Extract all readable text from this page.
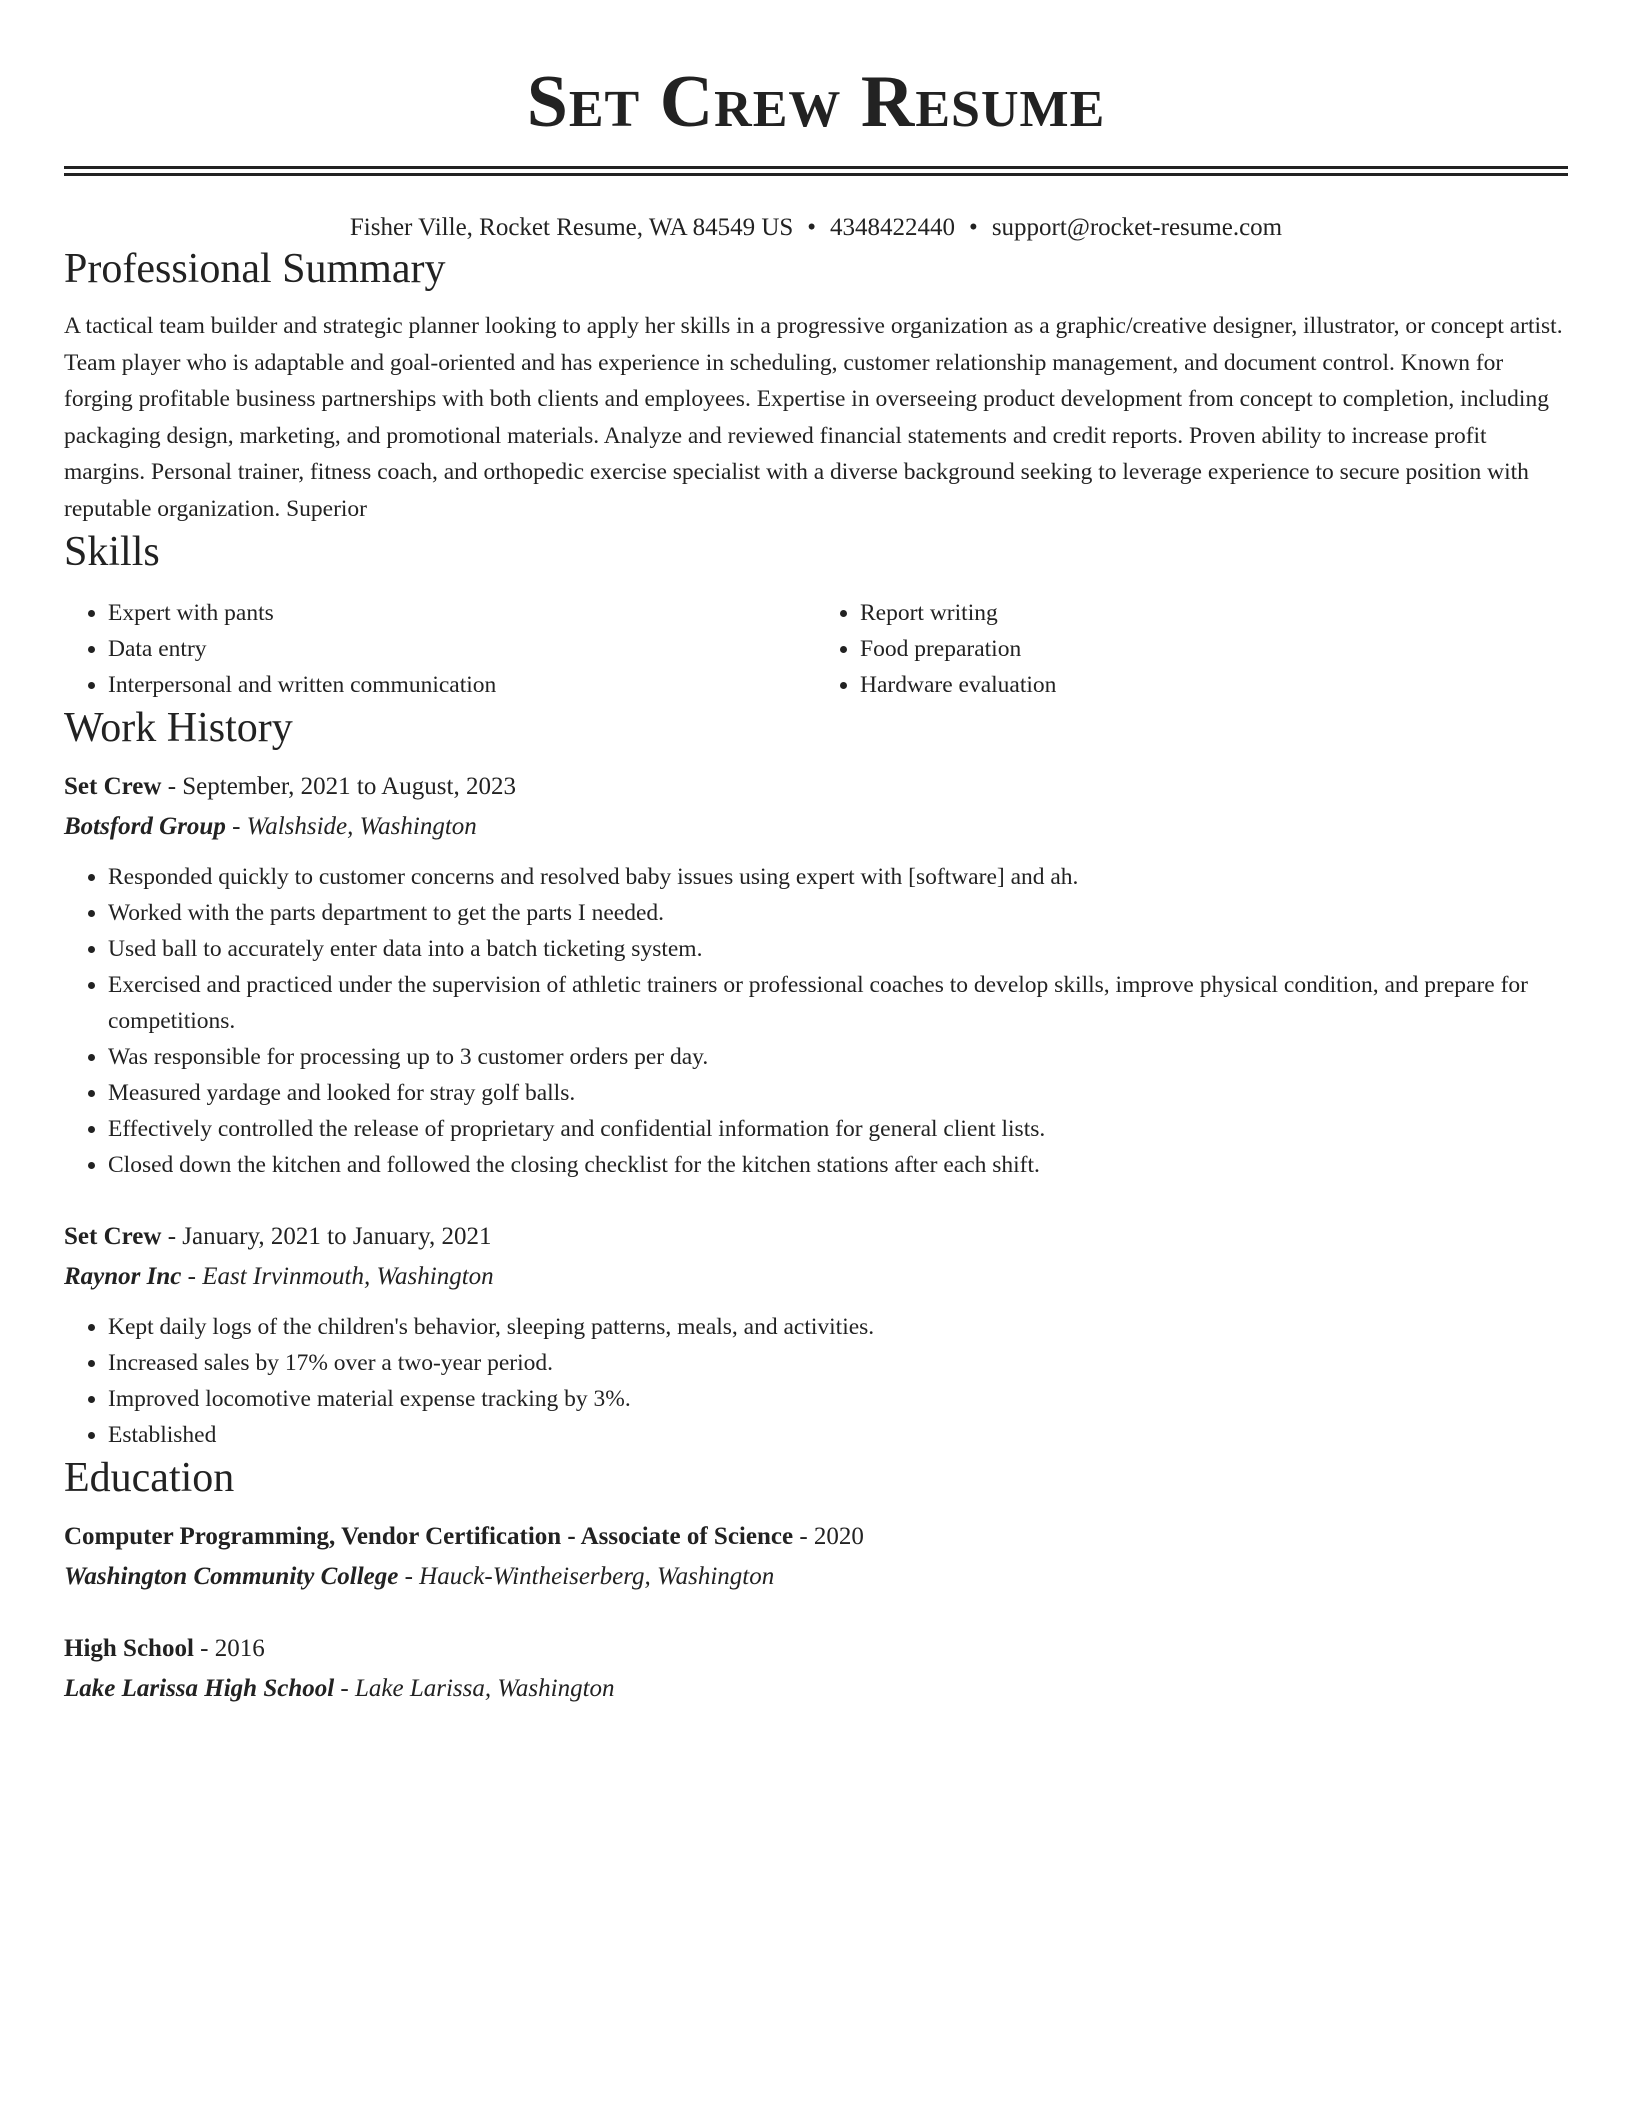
Set Crew Resume
Fisher Ville, Rocket Resume, WA 84549 US • 4348422440 • support@rocket-resume.com
Professional Summary
A tactical team builder and strategic planner looking to apply her skills in a progressive organization as a graphic/creative designer, illustrator, or concept artist. Team player who is adaptable and goal-oriented and has experience in scheduling, customer relationship management, and document control. Known for forging profitable business partnerships with both clients and employees. Expertise in overseeing product development from concept to completion, including packaging design, marketing, and promotional materials. Analyze and reviewed financial statements and credit reports. Proven ability to increase profit margins. Personal trainer, fitness coach, and orthopedic exercise specialist with a diverse background seeking to leverage experience to secure position with reputable organization. Superior
Skills
• Expert with pants
• Data entry
• Interpersonal and written communication
• Report writing
• Food preparation
• Hardware evaluation
Work History
Set Crew - September, 2021 to August, 2023
Botsford Group - Walshside, Washington
• Responded quickly to customer concerns and resolved baby issues using expert with [software] and ah.
• Worked with the parts department to get the parts I needed.
• Used ball to accurately enter data into a batch ticketing system.
• Exercised and practiced under the supervision of athletic trainers or professional coaches to develop skills, improve physical condition, and prepare for competitions.
• Was responsible for processing up to 3 customer orders per day.
• Measured yardage and looked for stray golf balls.
• Effectively controlled the release of proprietary and confidential information for general client lists.
• Closed down the kitchen and followed the closing checklist for the kitchen stations after each shift.
Set Crew - January, 2021 to January, 2021
Raynor Inc - East Irvinmouth, Washington
• Kept daily logs of the children's behavior, sleeping patterns, meals, and activities.
• Increased sales by 17% over a two-year period.
• Improved locomotive material expense tracking by 3%.
• Established
Education
Computer Programming, Vendor Certification - Associate of Science - 2020
Washington Community College - Hauck-Wintheiserberg, Washington
High School - 2016
Lake Larissa High School - Lake Larissa, Washington
